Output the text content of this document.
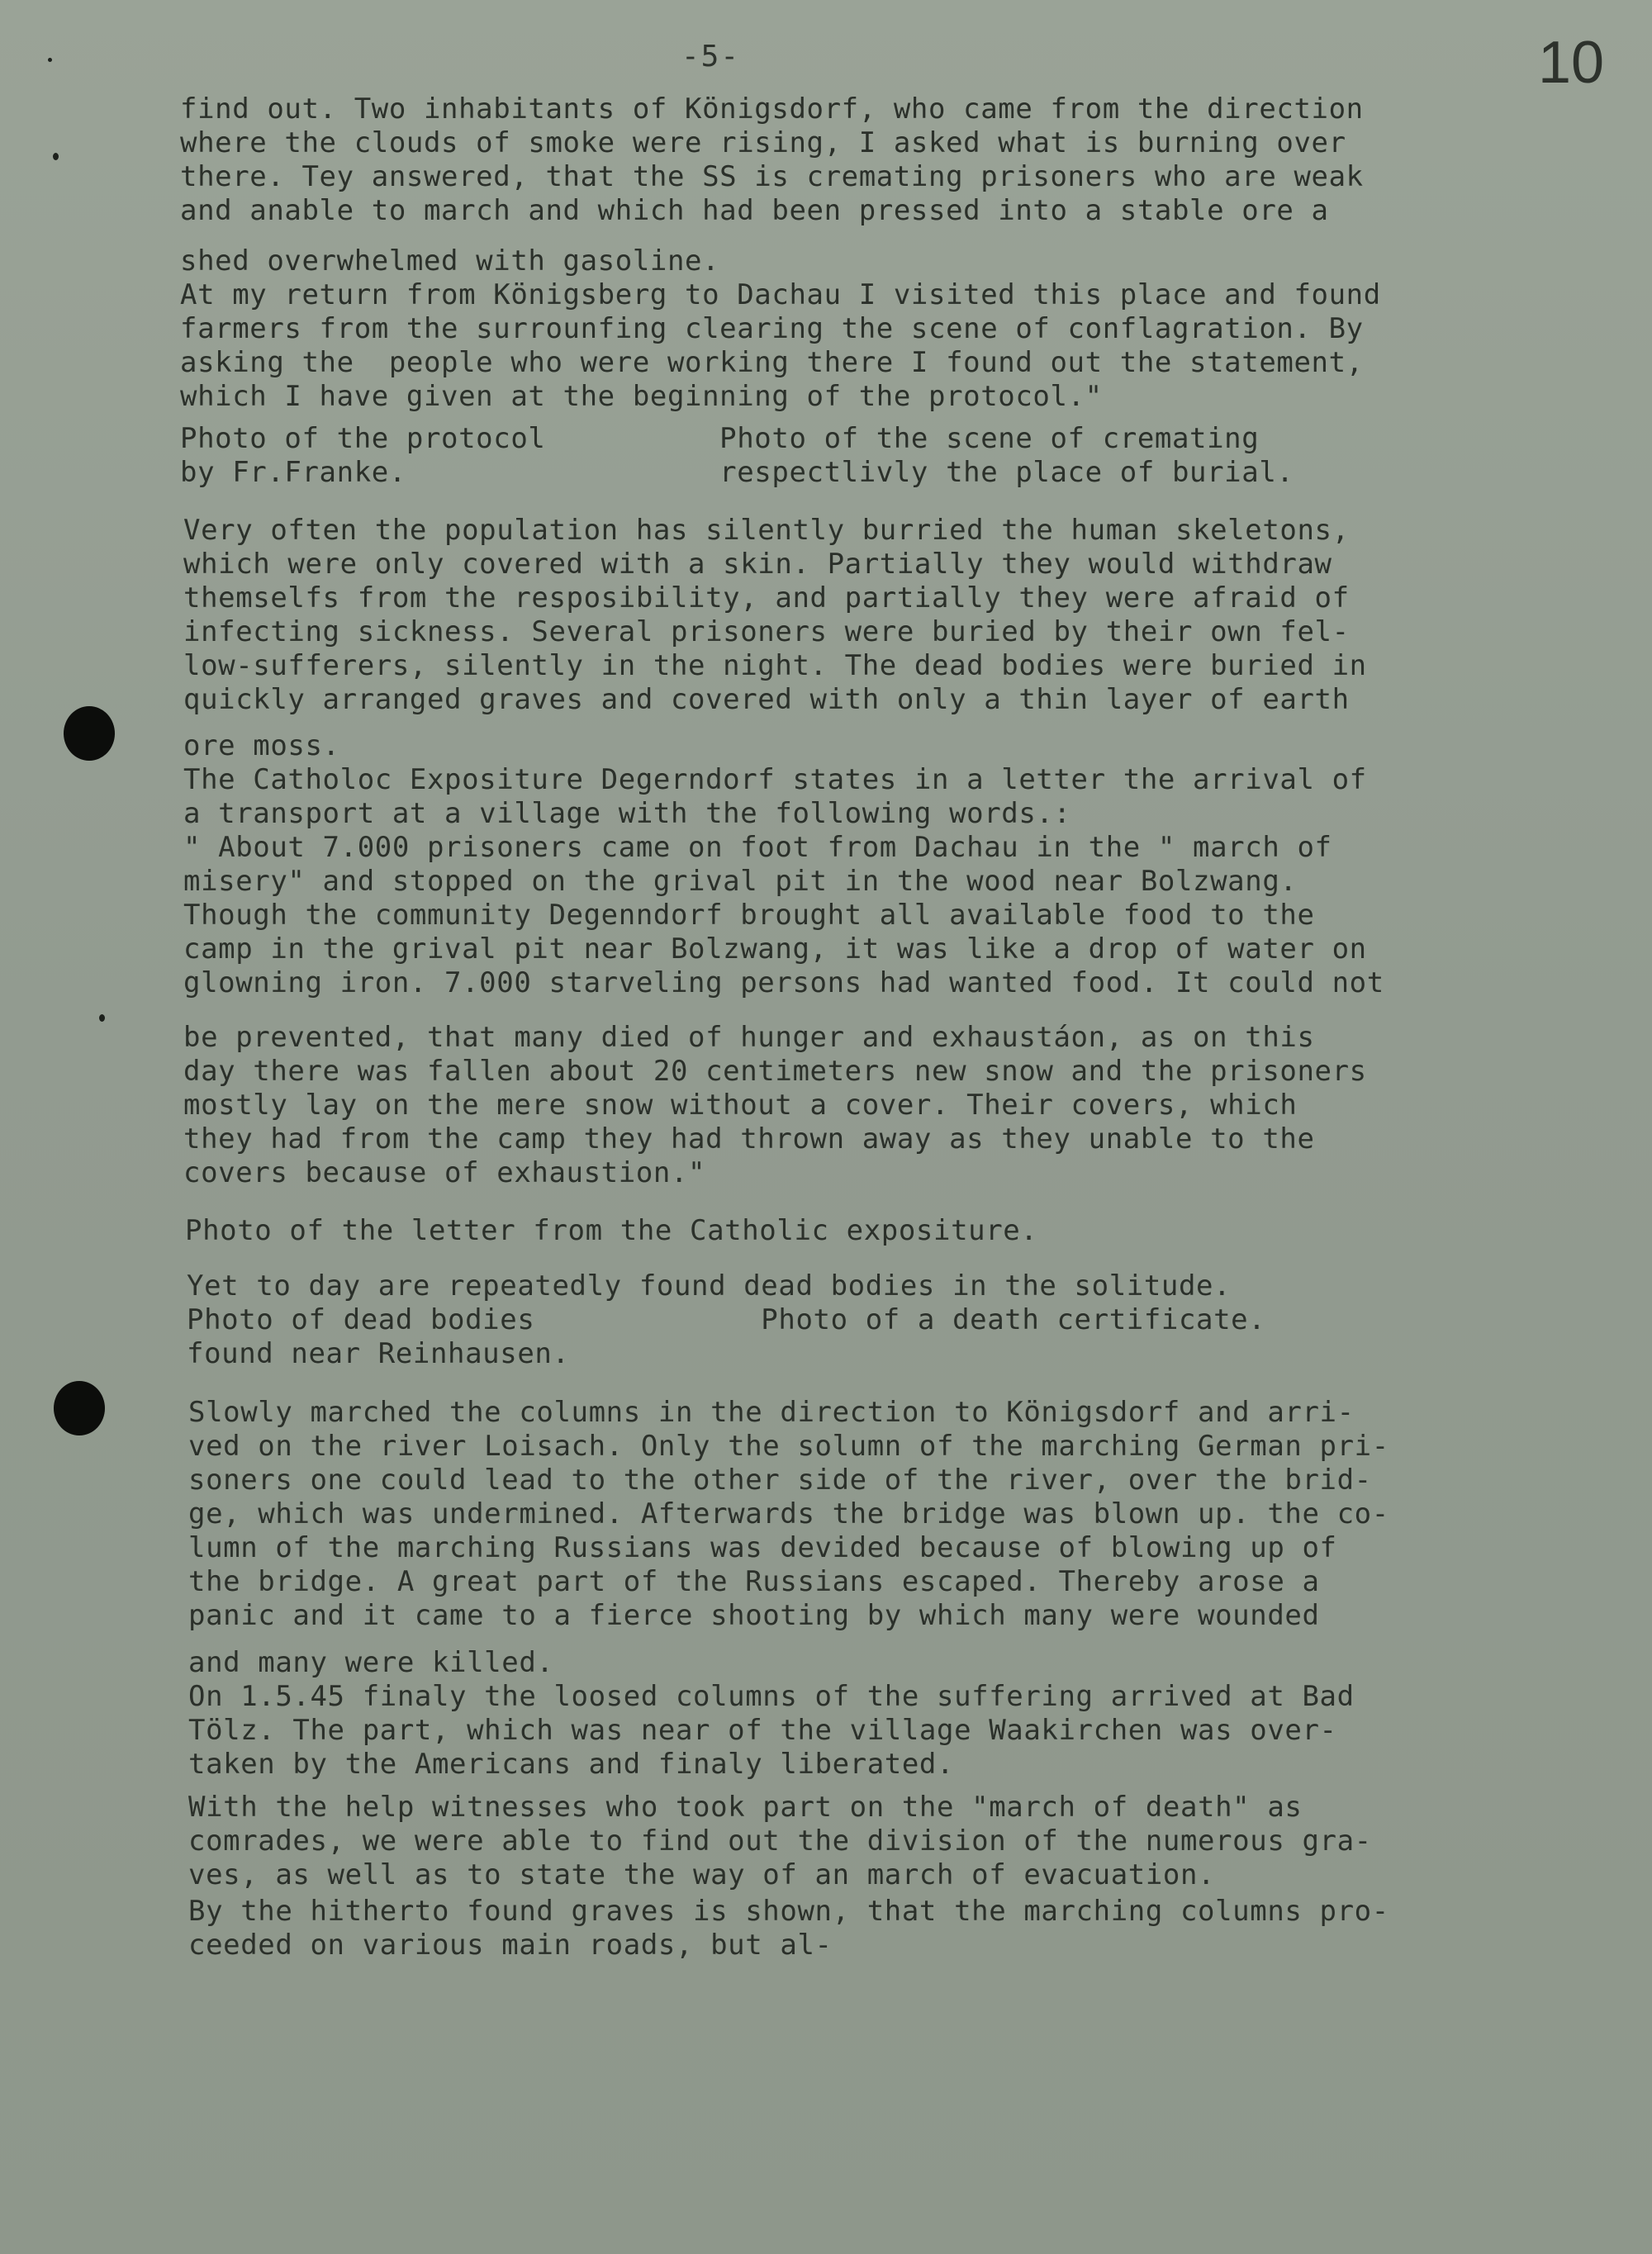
-5-	10
find out. Two inhabitants of Königsdorf, who came from the direction
where the clouds of smoke were rising, I asked what is burning over
there. Tey answered, that the SS is cremating prisoners who are weak
and anable to march and which had been pressed into a stable ore a
shed overwhelmed with gasoline.
At my return from Königsberg to Dachau I visited this place and found
farmers from the surrounfing clearing the scene of conflagration. By
asking the  people who were working there I found out the statement,
which I have given at the beginning of the protocol."
Photo of the protocol          Photo of the scene of cremating
by Fr.Franke.                  respectlivly the place of burial.
Very often the population has silently burried the human skeletons,
which were only covered with a skin. Partially they would withdraw
themselfs from the resposibility, and partially they were afraid of
infecting sickness. Several prisoners were buried by their own fel-
low-sufferers, silently in the night. The dead bodies were buried in
quickly arranged graves and covered with only a thin layer of earth
ore moss.
The Catholoc Expositure Degerndorf states in a letter the arrival of
a transport at a village with the following words.:
" About 7.000 prisoners came on foot from Dachau in the " march of
misery" and stopped on the grival pit in the wood near Bolzwang.
Though the community Degenndorf brought all available food to the
camp in the grival pit near Bolzwang, it was like a drop of water on
glowning iron. 7.000 starveling persons had wanted food. It could not
be prevented, that many died of hunger and exhaustáon, as on this
day there was fallen about 20 centimeters new snow and the prisoners
mostly lay on the mere snow without a cover. Their covers, which
they had from the camp they had thrown away as they unable to the
covers because of exhaustion."
Photo of the letter from the Catholic expositure.
Yet to day are repeatedly found dead bodies in the solitude.
Photo of dead bodies             Photo of a death certificate.
found near Reinhausen.
Slowly marched the columns in the direction to Königsdorf and arri-
ved on the river Loisach. Only the solumn of the marching German pri-
soners one could lead to the other side of the river, over the brid-
ge, which was undermined. Afterwards the bridge was blown up. the co-
lumn of the marching Russians was devided because of blowing up of
the bridge. A great part of the Russians escaped. Thereby arose a
panic and it came to a fierce shooting by which many were wounded
and many were killed.
On 1.5.45 finaly the loosed columns of the suffering arrived at Bad
Tölz. The part, which was near of the village Waakirchen was over-
taken by the Americans and finaly liberated.
With the help witnesses who took part on the "march of death" as
comrades, we were able to find out the division of the numerous gra-
ves, as well as to state the way of an march of evacuation.
By the hitherto found graves is shown, that the marching columns pro-
ceeded on various main roads, but al-
